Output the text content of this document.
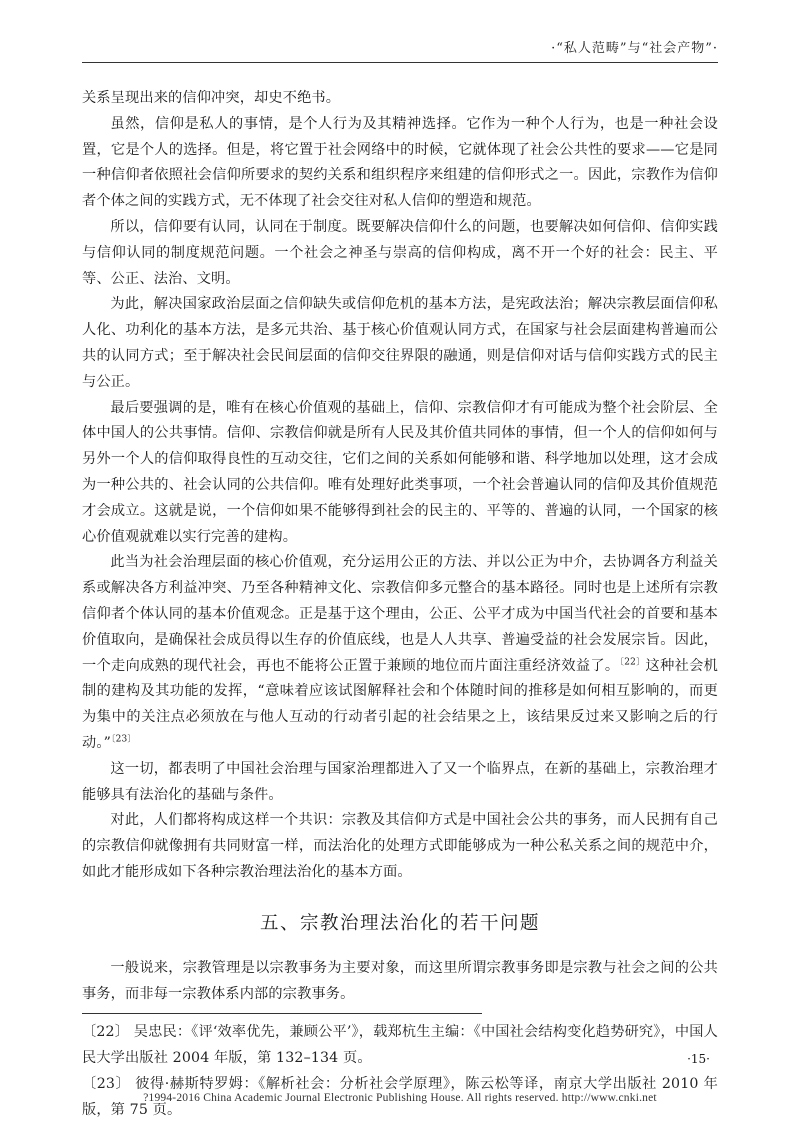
·“私人范畴”与“社会产物”·

关系呈现出来的信仰冲突，却史不绝书。

虽然，信仰是私人的事情，是个人行为及其精神选择。它作为一种个人行为，也是一种社会设置，它是个人的选择。但是，将它置于社会网络中的时候，它就体现了社会公共性的要求——它是同一种信仰者依照社会信仰所要求的契约关系和组织程序来组建的信仰形式之一。因此，宗教作为信仰者个体之间的实践方式，无不体现了社会交往对私人信仰的塑造和规范。

所以，信仰要有认同，认同在于制度。既要解决信仰什么的问题，也要解决如何信仰、信仰实践与信仰认同的制度规范问题。一个社会之神圣与崇高的信仰构成，离不开一个好的社会：民主、平等、公正、法治、文明。

为此，解决国家政治层面之信仰缺失或信仰危机的基本方法，是宪政法治；解决宗教层面信仰私人化、功利化的基本方法，是多元共治、基于核心价值观认同方式，在国家与社会层面建构普遍而公共的认同方式；至于解决社会民间层面的信仰交往界限的融通，则是信仰对话与信仰实践方式的民主与公正。

最后要强调的是，唯有在核心价值观的基础上，信仰、宗教信仰才有可能成为整个社会阶层、全体中国人的公共事情。信仰、宗教信仰就是所有人民及其价值共同体的事情，但一个人的信仰如何与另外一个人的信仰取得良性的互动交往，它们之间的关系如何能够和谐、科学地加以处理，这才会成为一种公共的、社会认同的公共信仰。唯有处理好此类事项，一个社会普遍认同的信仰及其价值规范才会成立。这就是说，一个信仰如果不能够得到社会的民主的、平等的、普遍的认同，一个国家的核心价值观就难以实行完善的建构。

此当为社会治理层面的核心价值观，充分运用公正的方法、并以公正为中介，去协调各方利益关系或解决各方利益冲突、乃至各种精神文化、宗教信仰多元整合的基本路径。同时也是上述所有宗教信仰者个体认同的基本价值观念。正是基于这个理由，公正、公平才成为中国当代社会的首要和基本价值取向，是确保社会成员得以生存的价值底线，也是人人共享、普遍受益的社会发展宗旨。因此，一个走向成熟的现代社会，再也不能将公正置于兼顾的地位而片面注重经济效益了。$^{〔22〕}$这种社会机制的建构及其功能的发挥，“意味着应该试图解释社会和个体随时间的推移是如何相互影响的，而更为集中的关注点必须放在与他人互动的行动者引起的社会结果之上，该结果反过来又影响之后的行动。”$^{〔23〕}$

这一切，都表明了中国社会治理与国家治理都进入了又一个临界点，在新的基础上，宗教治理才能够具有法治化的基础与条件。

对此，人们都将构成这样一个共识：宗教及其信仰方式是中国社会公共的事务，而人民拥有自己的宗教信仰就像拥有共同财富一样，而法治化的处理方式即能够成为一种公私关系之间的规范中介，如此才能形成如下各种宗教治理法治化的基本方面。

五、宗教治理法治化的若干问题

一般说来，宗教管理是以宗教事务为主要对象，而这里所谓宗教事务即是宗教与社会之间的公共事务，而非每一宗教体系内部的宗教事务。

〔22〕 吴忠民：《评‘效率优先，兼顾公平’》，载郑杭生主编：《中国社会结构变化趋势研究》，中国人民大学出版社 2004 年版，第 132–134 页。

〔23〕 彼得·赫斯特罗姆：《解析社会：分析社会学原理》，陈云松等译，南京大学出版社 2010 年版，第 75 页。

·15·
?1994-2016 China Academic Journal Electronic Publishing House. All rights reserved. http://www.cnki.net
